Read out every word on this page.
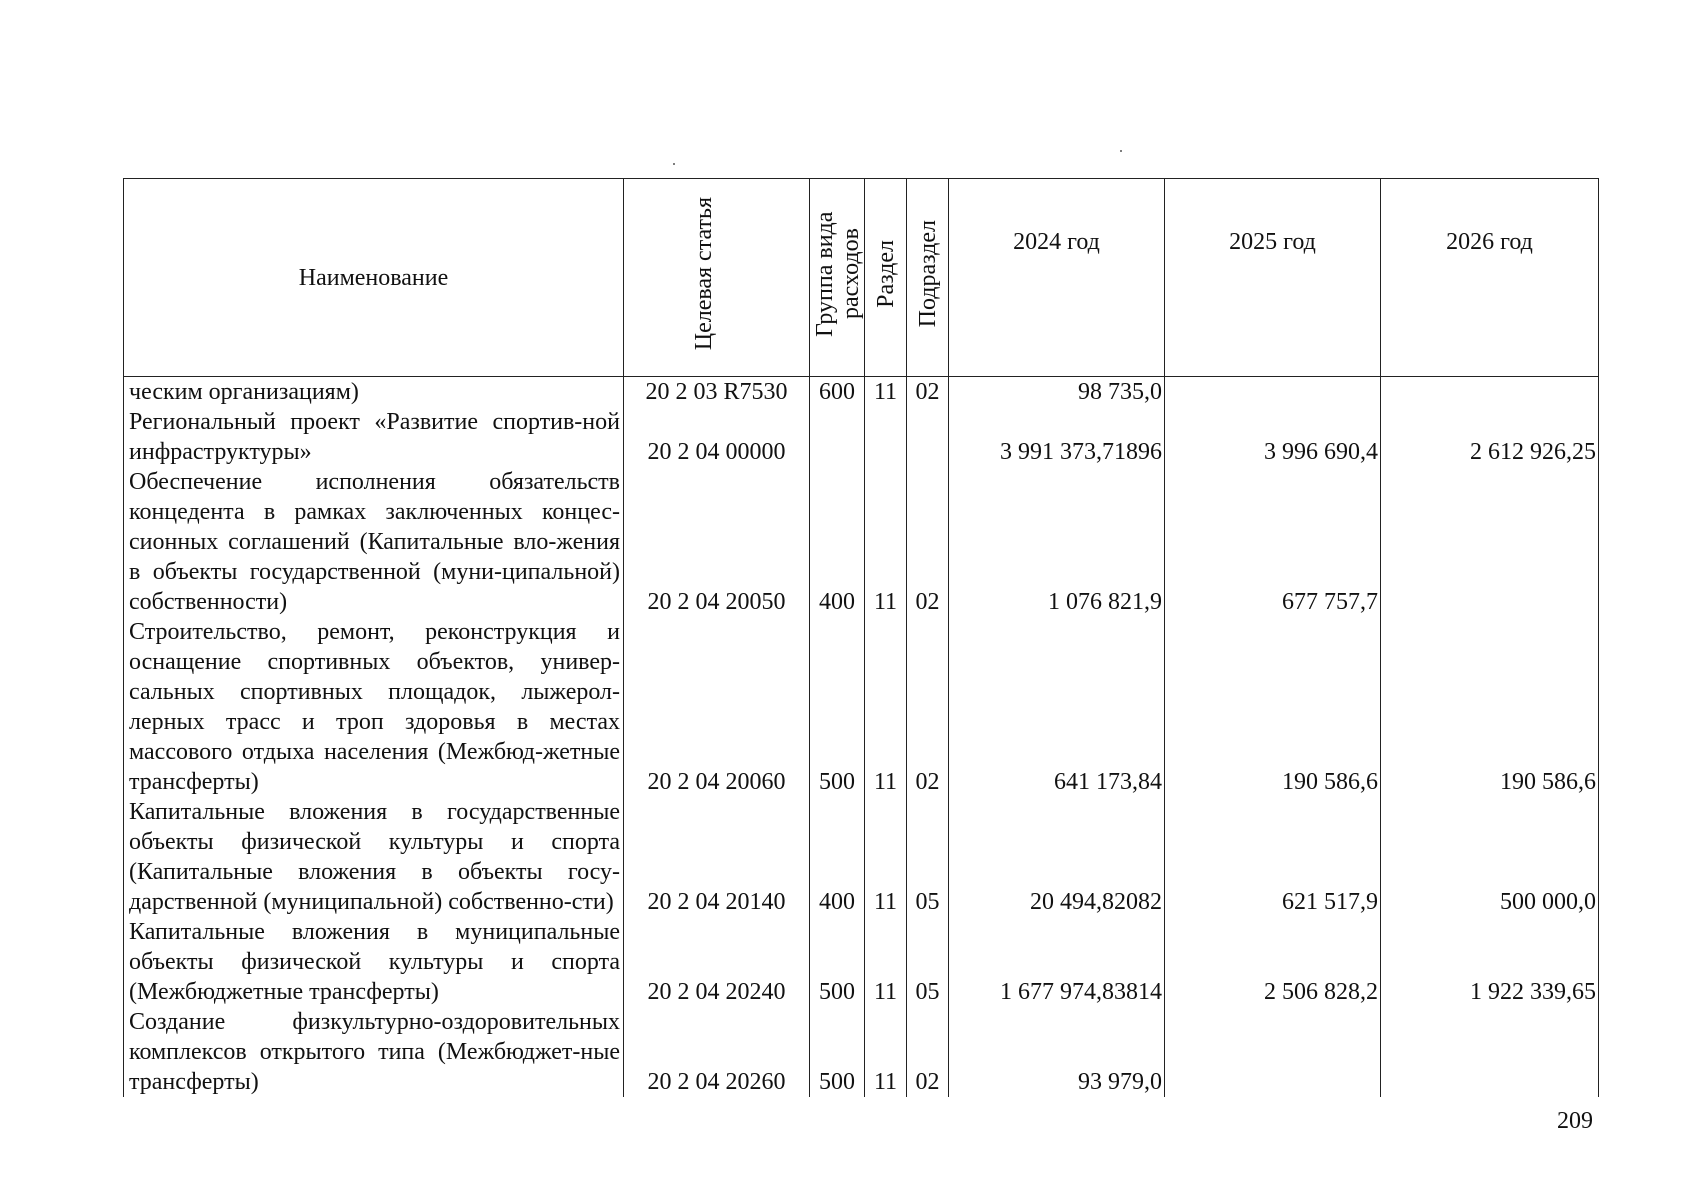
Наименование	Целевая статья	Группа вида расходов	Раздел	Подраздел	2024 год	2025 год	2026 год
ческим организациям)	20 2 03 R7530	600	11	02	98 735,0		
Региональный проект «Развитие спортив-ной инфраструктуры»	20 2 04 00000				3 991 373,71896	3 996 690,4	2 612 926,25
Обеспечение исполнения обязательств концедента в рамках заключенных концес-сионных соглашений (Капитальные вло-жения в объекты государственной (муни-ципальной) собственности)	20 2 04 20050	400	11	02	1 076 821,9	677 757,7	
Строительство, ремонт, реконструкция и оснащение спортивных объектов, универ-сальных спортивных площадок, лыжерол-лерных трасс и троп здоровья в местах массового отдыха населения (Межбюд-жетные трансферты)	20 2 04 20060	500	11	02	641 173,84	190 586,6	190 586,6
Капитальные вложения в государственные объекты физической культуры и спорта (Капитальные вложения в объекты госу-дарственной (муниципальной) собственно-сти)	20 2 04 20140	400	11	05	20 494,82082	621 517,9	500 000,0
Капитальные вложения в муниципальные объекты физической культуры и спорта (Межбюджетные трансферты)	20 2 04 20240	500	11	05	1 677 974,83814	2 506 828,2	1 922 339,65
Создание физкультурно-оздоровительных комплексов открытого типа (Межбюджет-ные трансферты)	20 2 04 20260	500	11	02	93 979,0		
209
